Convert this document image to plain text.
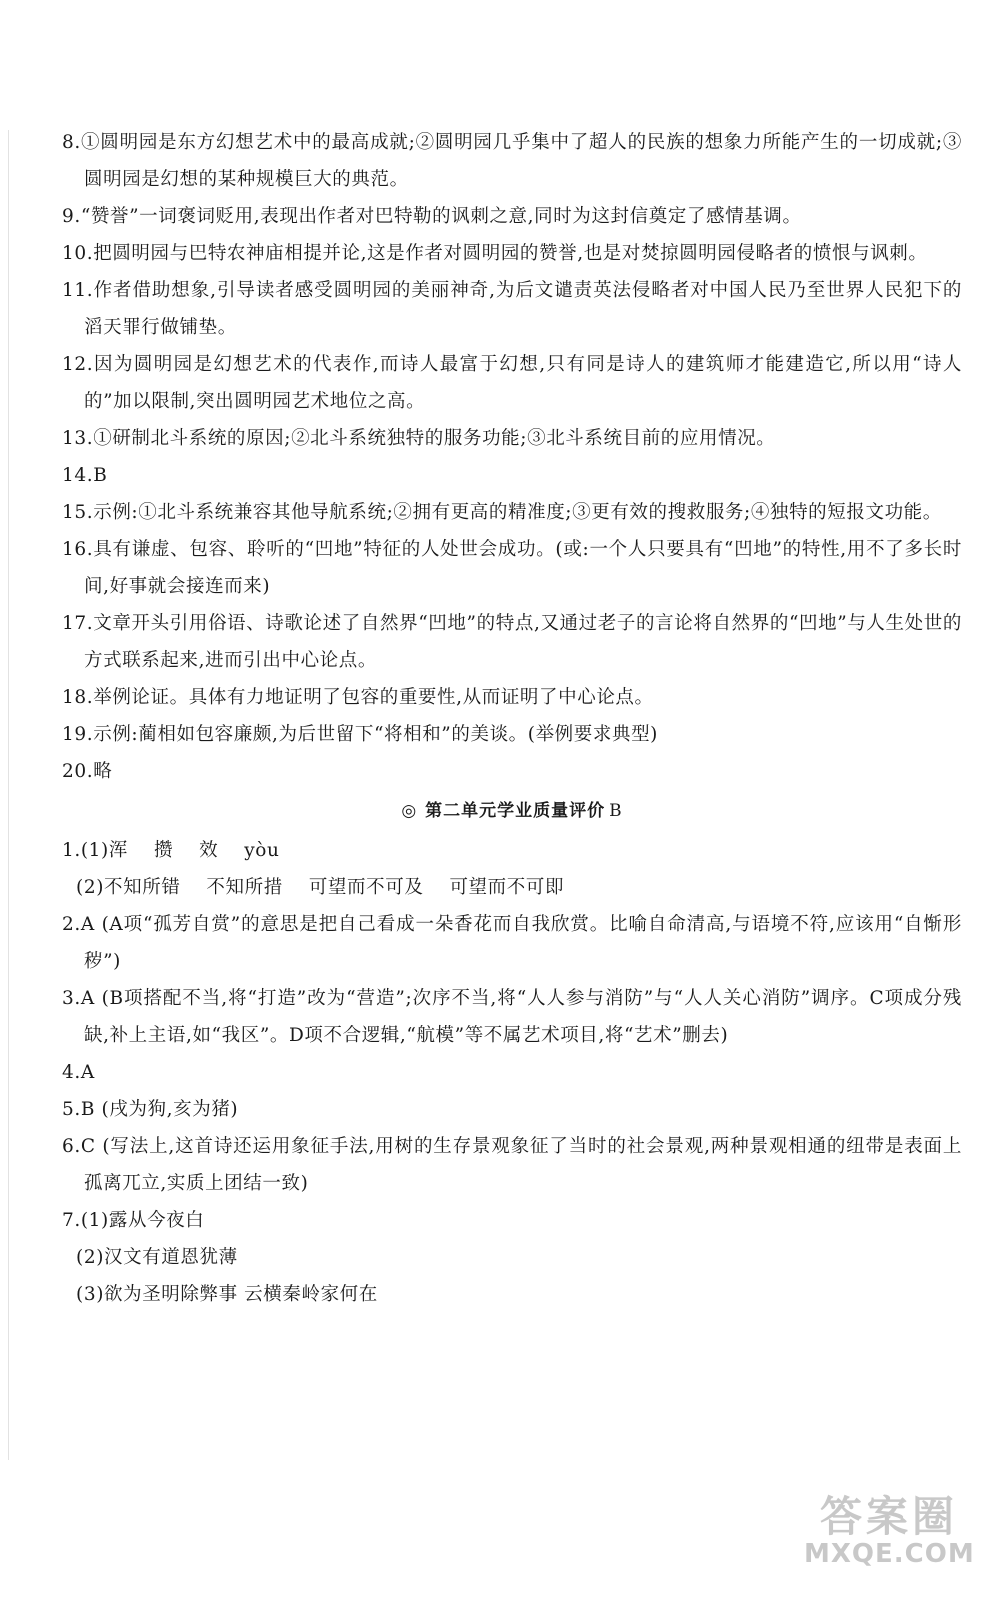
8.①圆明园是东方幻想艺术中的最高成就;②圆明园几乎集中了超人的民族的想象力所能产生的一切成就;③圆明园是幻想的某种规模巨大的典范。

9.“赞誉”一词褒词贬用,表现出作者对巴特勒的讽刺之意,同时为这封信奠定了感情基调。

10.把圆明园与巴特农神庙相提并论,这是作者对圆明园的赞誉,也是对焚掠圆明园侵略者的愤恨与讽刺。

11.作者借助想象,引导读者感受圆明园的美丽神奇,为后文谴责英法侵略者对中国人民乃至世界人民犯下的滔天罪行做铺垫。

12.因为圆明园是幻想艺术的代表作,而诗人最富于幻想,只有同是诗人的建筑师才能建造它,所以用“诗人的”加以限制,突出圆明园艺术地位之高。

13.①研制北斗系统的原因;②北斗系统独特的服务功能;③北斗系统目前的应用情况。

14.B

15.示例:①北斗系统兼容其他导航系统;②拥有更高的精准度;③更有效的搜救服务;④独特的短报文功能。

16.具有谦虚、包容、聆听的“凹地”特征的人处世会成功。(或:一个人只要具有“凹地”的特性,用不了多长时间,好事就会接连而来)

17.文章开头引用俗语、诗歌论述了自然界“凹地”的特点,又通过老子的言论将自然界的“凹地”与人生处世的方式联系起来,进而引出中心论点。

18.举例论证。具体有力地证明了包容的重要性,从而证明了中心论点。

19.示例:蔺相如包容廉颇,为后世留下“将相和”的美谈。(举例要求典型)

20.略

◎ 第二单元学业质量评价 B

1.(1)浑 攒 效 yòu

(2)不知所错 不知所措 可望而不可及 可望而不可即

2.A (A项“孤芳自赏”的意思是把自己看成一朵香花而自我欣赏。比喻自命清高,与语境不符,应该用“自惭形秽”)

3.A (B项搭配不当,将“打造”改为“营造”;次序不当,将“人人参与消防”与“人人关心消防”调序。C项成分残缺,补上主语,如“我区”。D项不合逻辑,“航模”等不属艺术项目,将“艺术”删去)

4.A

5.B (戌为狗,亥为猪)

6.C (写法上,这首诗还运用象征手法,用树的生存景观象征了当时的社会景观,两种景观相通的纽带是表面上孤离兀立,实质上团结一致)

7.(1)露从今夜白

(2)汉文有道恩犹薄

(3)欲为圣明除弊事 云横秦岭家何在

答案圈
MXQE.COM
